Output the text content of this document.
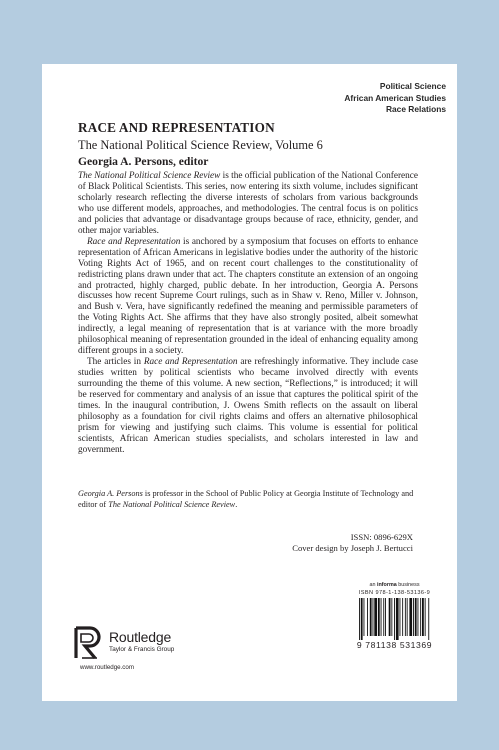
Political Science
African American Studies
Race Relations
RACE AND REPRESENTATION
The National Political Science Review, Volume 6
Georgia A. Persons, editor

The National Political Science Review is the official publication of the National Conference of Black Political Scientists. This series, now entering its sixth volume, includes significant scholarly research reflecting the diverse interests of scholars from various backgrounds who use different models, approaches, and methodologies. The central focus is on politics and policies that advantage or disadvantage groups because of race, ethnicity, gender, and other major variables.

Race and Representation is anchored by a symposium that focuses on efforts to enhance representation of African Americans in legislative bodies under the authority of the historic Voting Rights Act of 1965, and on recent court challenges to the constitutionality of redistricting plans drawn under that act. The chapters constitute an extension of an ongoing and protracted, highly charged, public debate. In her introduction, Georgia A. Persons discusses how recent Supreme Court rulings, such as in Shaw v. Reno, Miller v. Johnson, and Bush v. Vera, have significantly redefined the meaning and permissible parameters of the Voting Rights Act. She affirms that they have also strongly posited, albeit somewhat indirectly, a legal meaning of representation that is at variance with the more broadly philosophical meaning of representation grounded in the ideal of enhancing equality among different groups in a society.

The articles in Race and Representation are refreshingly informative. They include case studies written by political scientists who became involved directly with events surrounding the theme of this volume. A new section, “Reflections,” is introduced; it will be reserved for commentary and analysis of an issue that captures the political spirit of the times. In the inaugural contribution, J. Owens Smith reflects on the assault on liberal philosophy as a foundation for civil rights claims and offers an alternative philosophical prism for viewing and justifying such claims. This volume is essential for political scientists, African American studies specialists, and scholars interested in law and government.

Georgia A. Persons is professor in the School of Public Policy at Georgia Institute of Technology and editor of The National Political Science Review.
ISSN: 0896-629X
Cover design by Joseph J. Bertucci
an informa business
ISBN 978-1-138-53136-9
9 781138 531369
Routledge
Taylor & Francis Group
www.routledge.com
